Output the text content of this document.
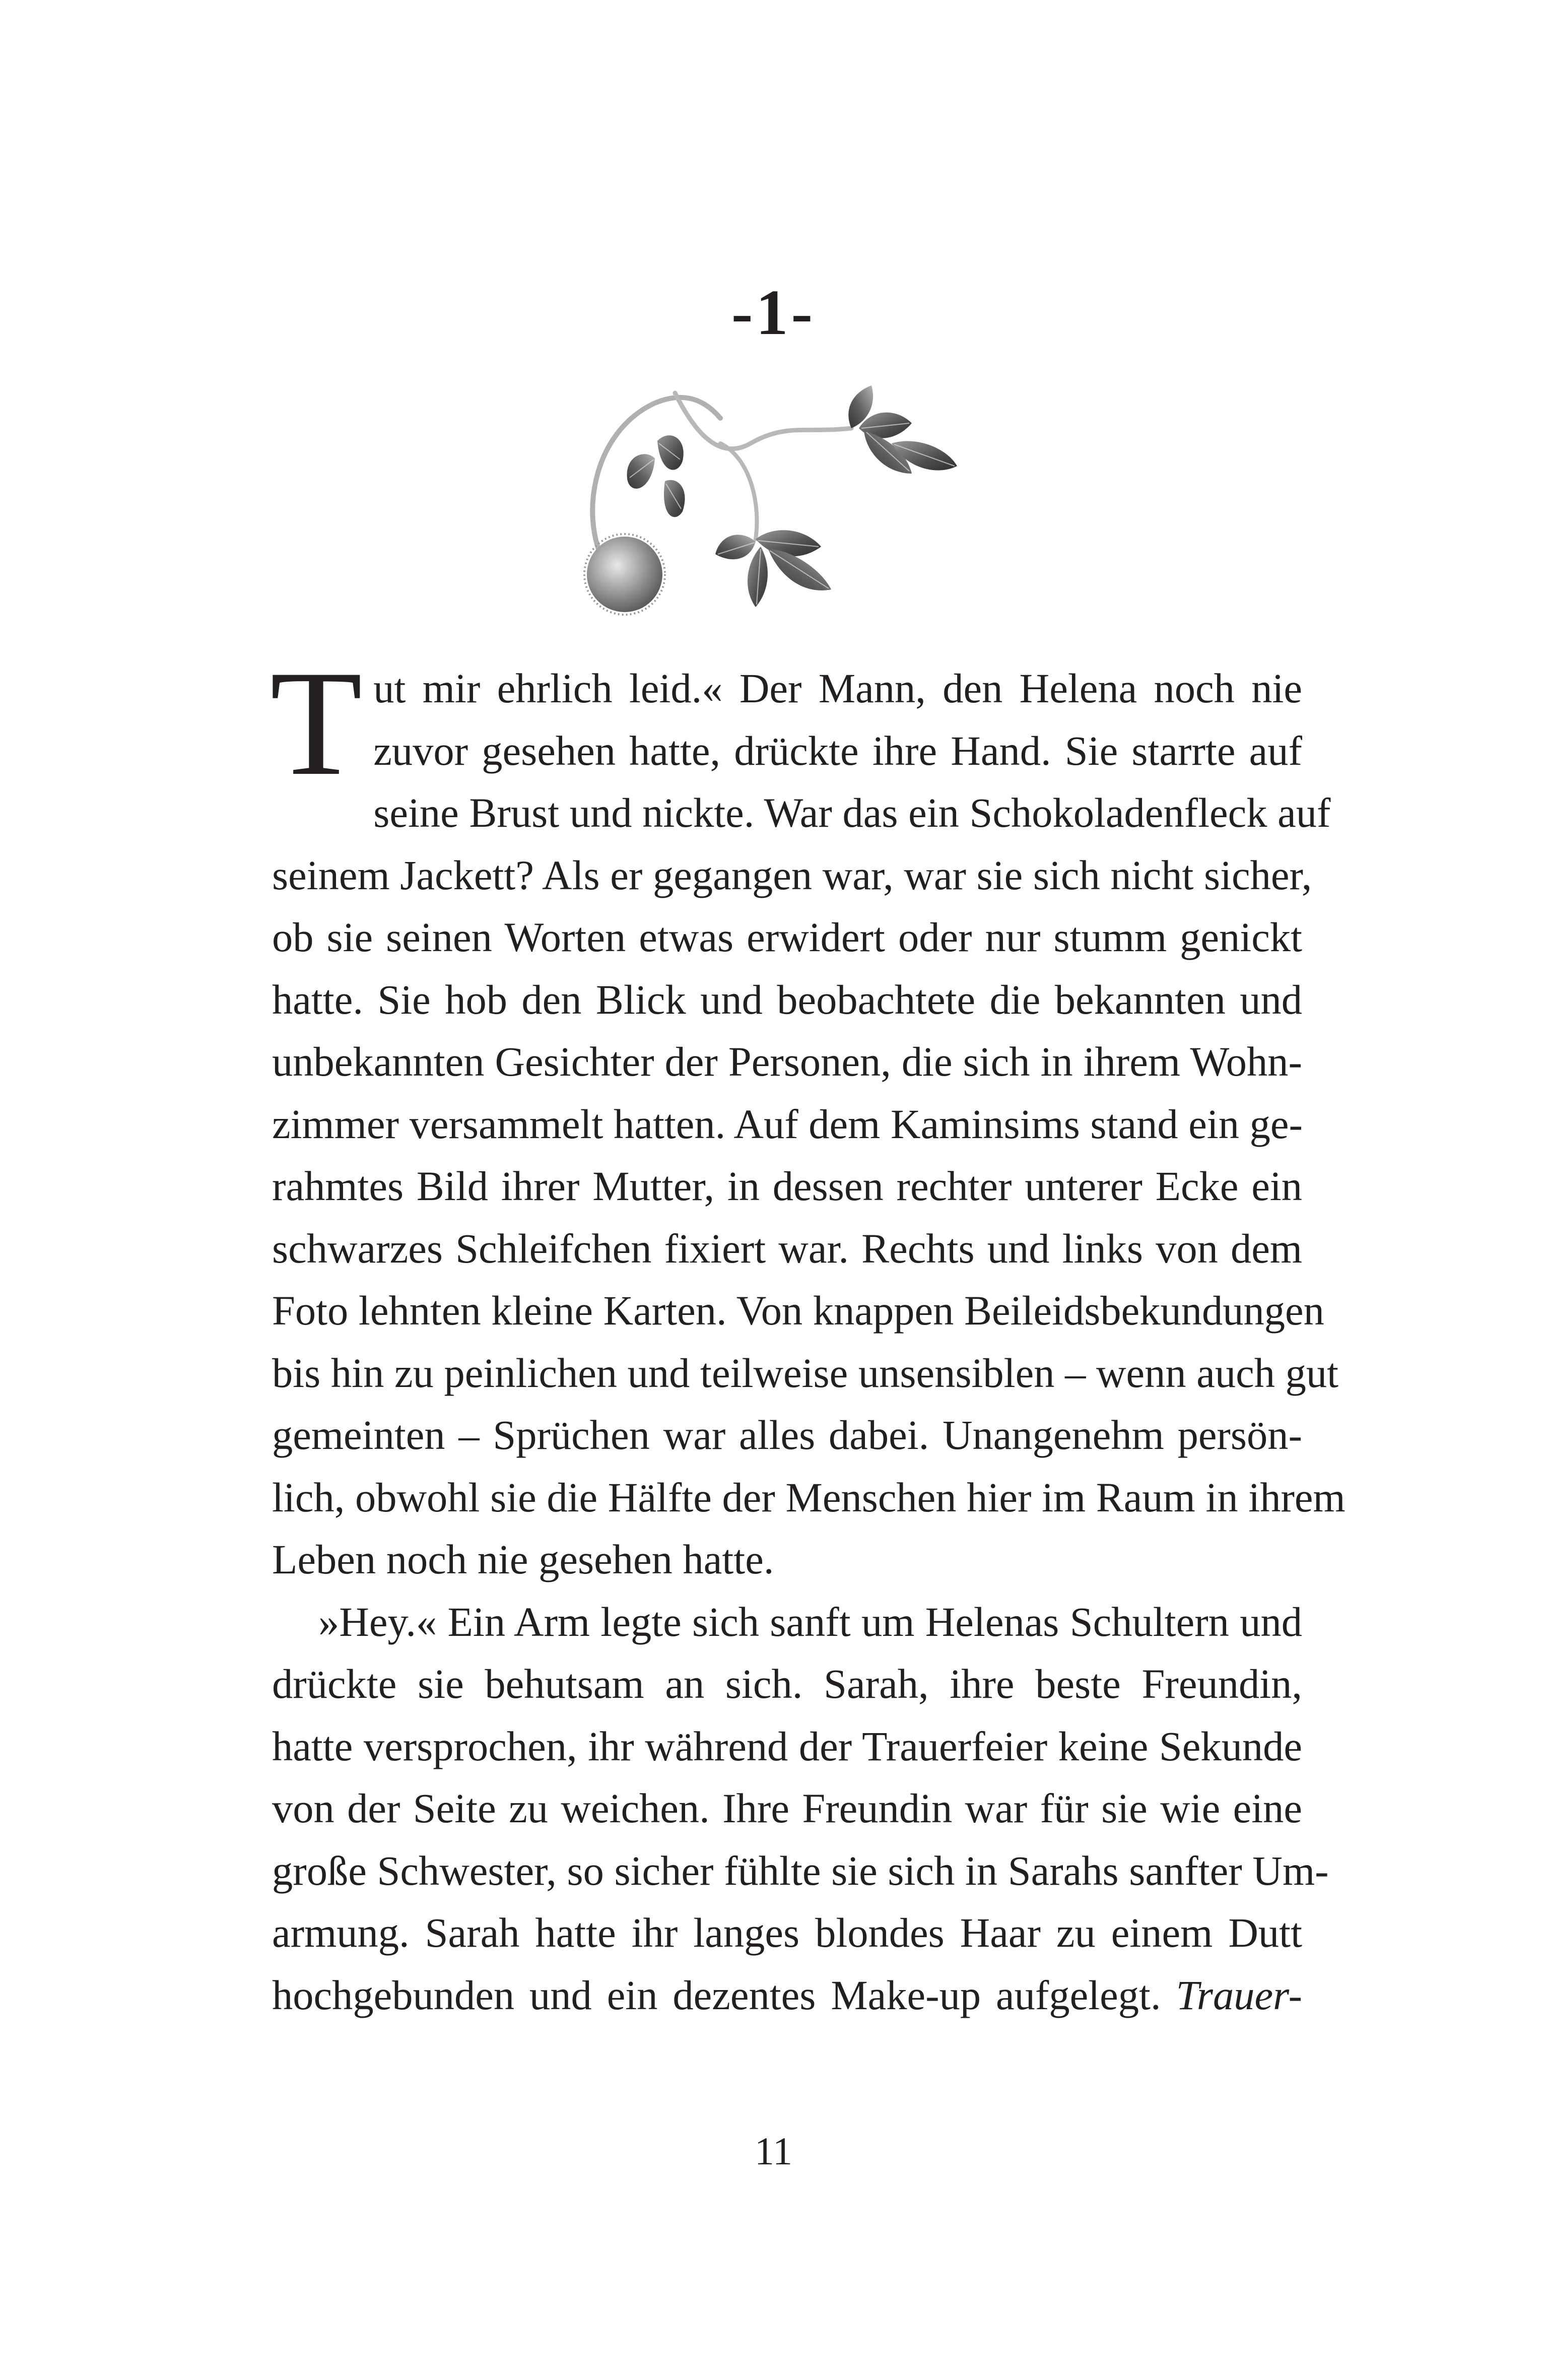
-1-
T ut mir ehrlich leid.« Der Mann, den Helena noch nie
zuvor gesehen hatte, drückte ihre Hand. Sie starrte auf
seine Brust und nickte. War das ein Schokoladenfleck auf
seinem Jackett? Als er gegangen war, war sie sich nicht sicher,
ob sie seinen Worten etwas erwidert oder nur stumm genickt
hatte. Sie hob den Blick und beobachtete die bekannten und
unbekannten Gesichter der Personen, die sich in ihrem Wohn-
zimmer versammelt hatten. Auf dem Kaminsims stand ein ge-
rahmtes Bild ihrer Mutter, in dessen rechter unterer Ecke ein
schwarzes Schleifchen fixiert war. Rechts und links von dem
Foto lehnten kleine Karten. Von knappen Beileidsbekundungen
bis hin zu peinlichen und teilweise unsensiblen – wenn auch gut
gemeinten – Sprüchen war alles dabei. Unangenehm persön-
lich, obwohl sie die Hälfte der Menschen hier im Raum in ihrem
Leben noch nie gesehen hatte.
»Hey.« Ein Arm legte sich sanft um Helenas Schultern und
drückte sie behutsam an sich. Sarah, ihre beste Freundin,
hatte versprochen, ihr während der Trauerfeier keine Sekunde
von der Seite zu weichen. Ihre Freundin war für sie wie eine
große Schwester, so sicher fühlte sie sich in Sarahs sanfter Um-
armung. Sarah hatte ihr langes blondes Haar zu einem Dutt
hochgebunden und ein dezentes Make-up aufgelegt. Trauer-
11
